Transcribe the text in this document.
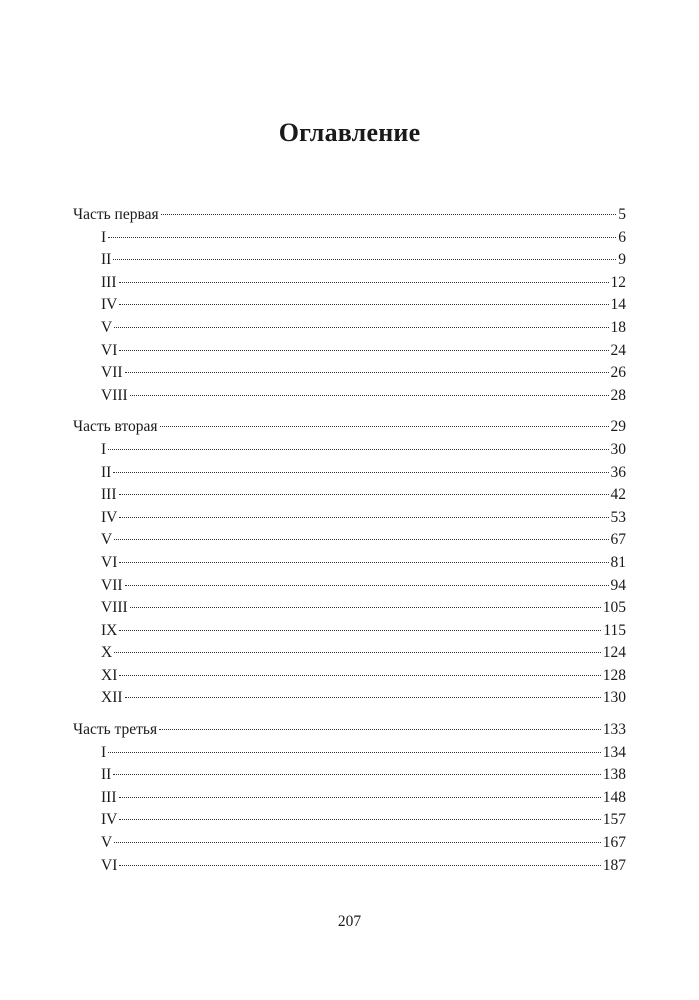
Оглавление
Часть первая	5
I	6
II	9
III	12
IV	14
V	18
VI	24
VII	26
VIII	28
Часть вторая	29
I	30
II	36
III	42
IV	53
V	67
VI	81
VII	94
VIII	105
IX	115
X	124
XI	128
XII	130
Часть третья	133
I	134
II	138
III	148
IV	157
V	167
VI	187
207
